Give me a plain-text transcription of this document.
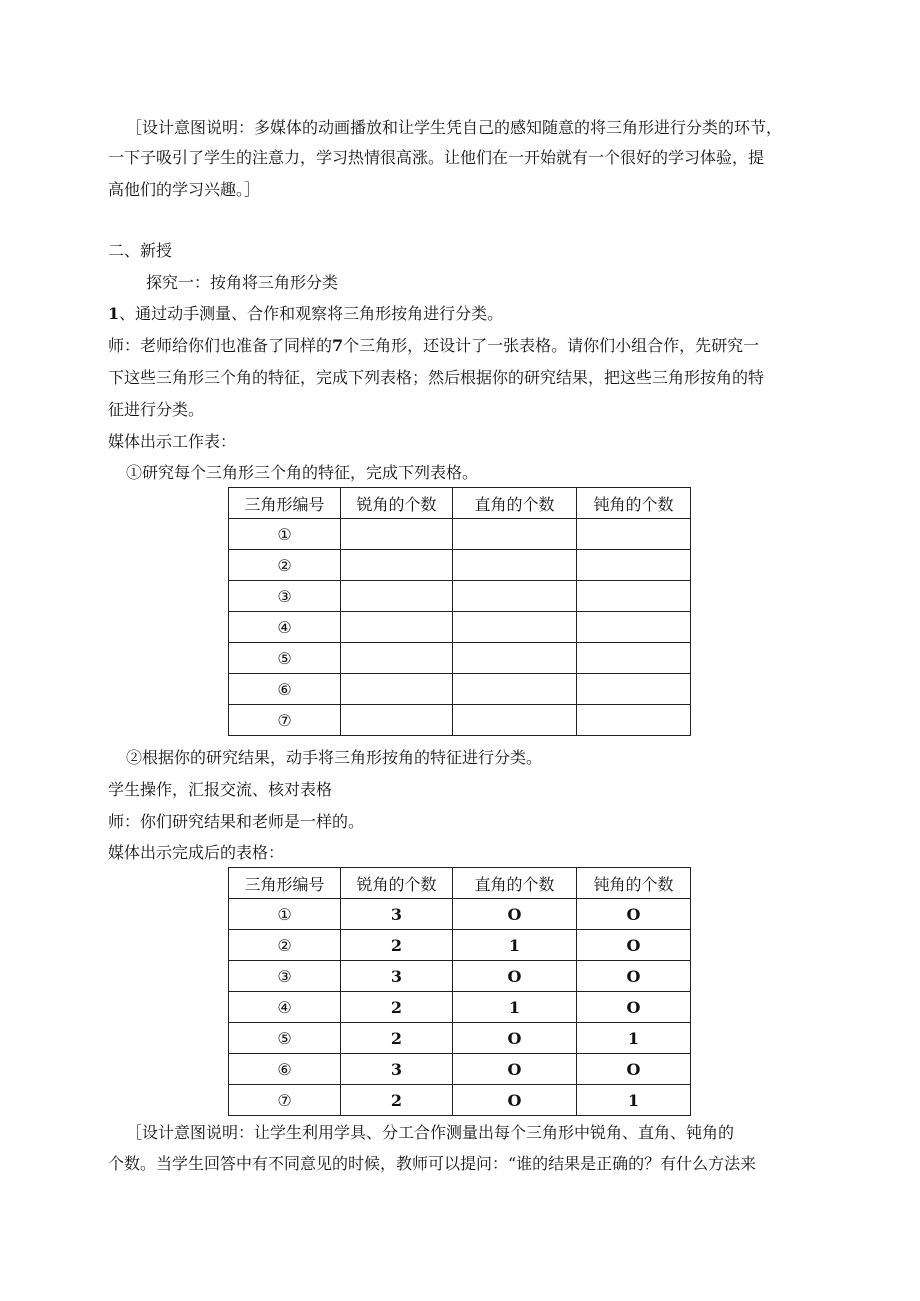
［设计意图说明：多媒体的动画播放和让学生凭自己的感知随意的将三角形进行分类的环节，
一下子吸引了学生的注意力，学习热情很高涨。让他们在一开始就有一个很好的学习体验，提
高他们的学习兴趣。］
二、新授
探究一：按角将三角形分类
1、通过动手测量、合作和观察将三角形按角进行分类。
师：老师给你们也准备了同样的7个三角形，还设计了一张表格。请你们小组合作，先研究一
下这些三角形三个角的特征，完成下列表格；然后根据你的研究结果，把这些三角形按角的特
征进行分类。
媒体出示工作表：
①研究每个三角形三个角的特征，完成下列表格。
三角形编号	锐角的个数	直角的个数	钝角的个数
①			
②			
③			
④			
⑤			
⑥			
⑦			
②根据你的研究结果，动手将三角形按角的特征进行分类。
学生操作，汇报交流、核对表格
师：你们研究结果和老师是一样的。
媒体出示完成后的表格：
三角形编号	锐角的个数	直角的个数	钝角的个数
①	3	O	O
②	2	1	O
③	3	O	O
④	2	1	O
⑤	2	O	1
⑥	3	O	O
⑦	2	O	1
［设计意图说明：让学生利用学具、分工合作测量出每个三角形中锐角、直角、钝角的
个数。当学生回答中有不同意见的时候，教师可以提问：“谁的结果是正确的？有什么方法来
